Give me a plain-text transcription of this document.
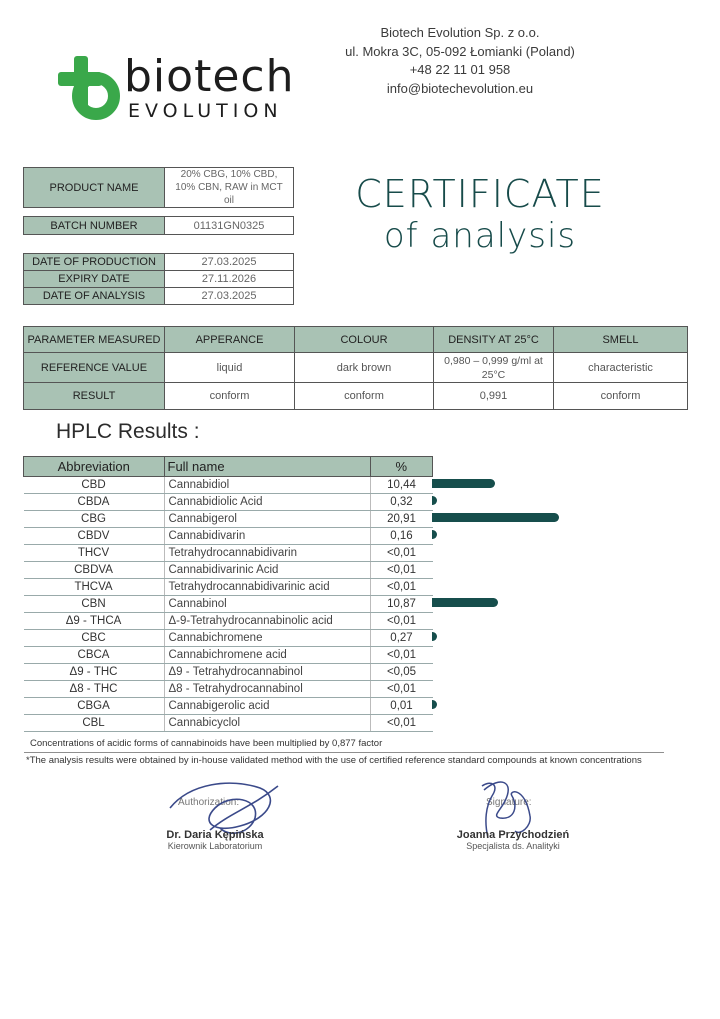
biotech
EVOLUTION
Biotech Evolution Sp. z o.o.
ul. Mokra 3C, 05-092 Łomianki (Poland)
+48 22 11 01 958
info@biotechevolution.eu
CERTIFICATE
of analysis
PRODUCT NAME	20% CBG, 10% CBD, 10% CBN, RAW in MCT oil
BATCH NUMBER	01131GN0325
DATE OF PRODUCTION	27.03.2025
EXPIRY DATE	27.11.2026
DATE OF ANALYSIS	27.03.2025
PARAMETER MEASURED	APPERANCE	COLOUR	DENSITY AT 25°C	SMELL
REFERENCE VALUE	liquid	dark brown	0,980 – 0,999 g/ml at 25°C	characteristic
RESULT	conform	conform	0,991	conform
HPLC Results :
Abbreviation	Full name	%
CBD	Cannabidiol	10,44
CBDA	Cannabidiolic Acid	0,32
CBG	Cannabigerol	20,91
CBDV	Cannabidivarin	0,16
THCV	Tetrahydrocannabidivarin	<0,01
CBDVA	Cannabidivarinic Acid	<0,01
THCVA	Tetrahydrocannabidivarinic acid	<0,01
CBN	Cannabinol	10,87
Δ9 - THCA	Δ-9-Tetrahydrocannabinolic acid	<0,01
CBC	Cannabichromene	0,27
CBCA	Cannabichromene acid	<0,01
Δ9 - THC	Δ9 - Tetrahydrocannabinol	<0,05
Δ8 - THC	Δ8 - Tetrahydrocannabinol	<0,01
CBGA	Cannabigerolic acid	0,01
CBL	Cannabicyclol	<0,01
Concentrations of acidic forms of cannabinoids have been multiplied by 0,877 factor
*The analysis results were obtained by in-house validated method with the use of certified reference standard compounds at known concentrations
Authorization:
Dr. Daria Kępińska
Kierownik Laboratorium
Signature:
Joanna Przychodzień
Specjalista ds. Analityki
